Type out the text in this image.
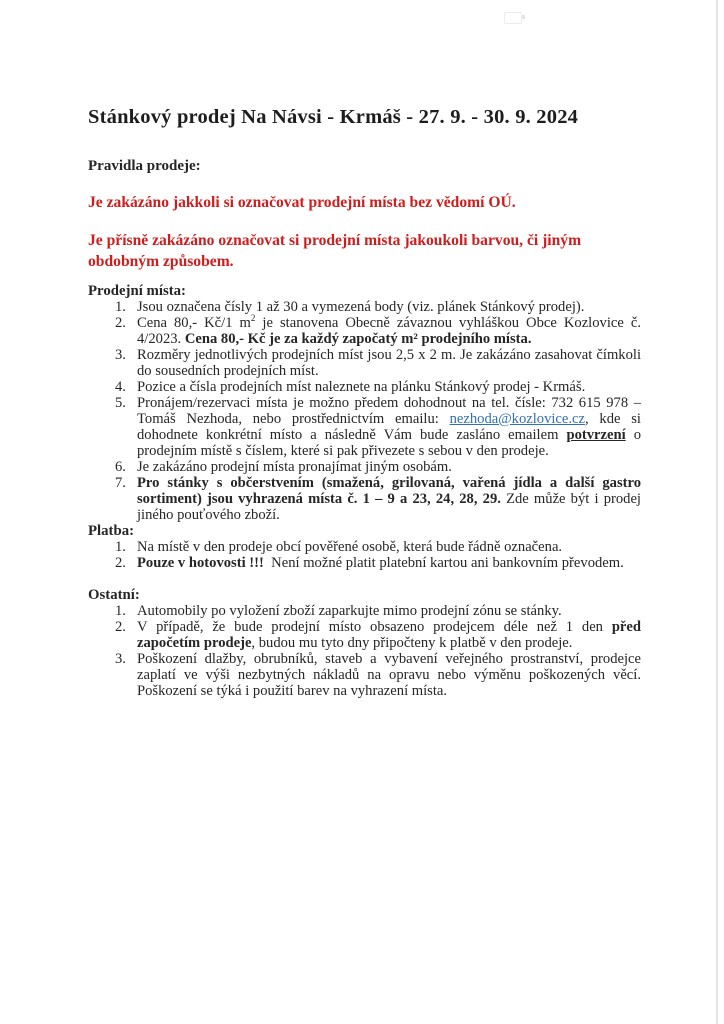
Stánkový prodej Na Návsi - Krmáš - 27. 9. - 30. 9. 2024

Pravidla prodeje:

Je zakázáno jakkoli si označovat prodejní místa bez vědomí OÚ.

Je přísně zakázáno označovat si prodejní místa jakoukoli barvou, či jiným obdobným způsobem.

Prodejní místa:

Jsou označena čísly 1 až 30 a vymezená body (viz. plánek Stánkový prodej).
Cena 80,- Kč/1 $m^2$ je stanovena Obecně závaznou vyhláškou Obce Kozlovice č. 4/2023. Cena 80,- Kč je za každý započatý m² prodejního místa.
Rozměry jednotlivých prodejních míst jsou 2,5 x 2 m. Je zakázáno zasahovat čímkoli do sousedních prodejních míst.
Pozice a čísla prodejních míst naleznete na plánku Stánkový prodej - Krmáš.
Pronájem/rezervaci místa je možno předem dohodnout na tel. čísle: 732 615 978 – Tomáš Nezhoda, nebo prostřednictvím emailu: nezhoda@kozlovice.cz, kde si dohodnete konkrétní místo a následně Vám bude zasláno emailem potvrzení o prodejním místě s číslem, které si pak přivezete s sebou v den prodeje.
Je zakázáno prodejní místa pronajímat jiným osobám.
Pro stánky s občerstvením (smažená, grilovaná, vařená jídla a další gastro sortiment) jsou vyhrazená místa č. 1 – 9 a 23, 24, 28, 29. Zde může být i prodej jiného pouťového zboží.

Platba:

Na místě v den prodeje obcí pověřené osobě, která bude řádně označena.
Pouze v hotovosti !!!  Není možné platit platební kartou ani bankovním převodem.

Ostatní:

Automobily po vyložení zboží zaparkujte mimo prodejní zónu se stánky.
V případě, že bude prodejní místo obsazeno prodejcem déle než 1 den před započetím prodeje, budou mu tyto dny připočteny k platbě v den prodeje.
Poškození dlažby, obrubníků, staveb a vybavení veřejného prostranství, prodejce zaplatí ve výši nezbytných nákladů na opravu nebo výměnu poškozených věcí. Poškození se týká i použití barev na vyhrazení místa.
